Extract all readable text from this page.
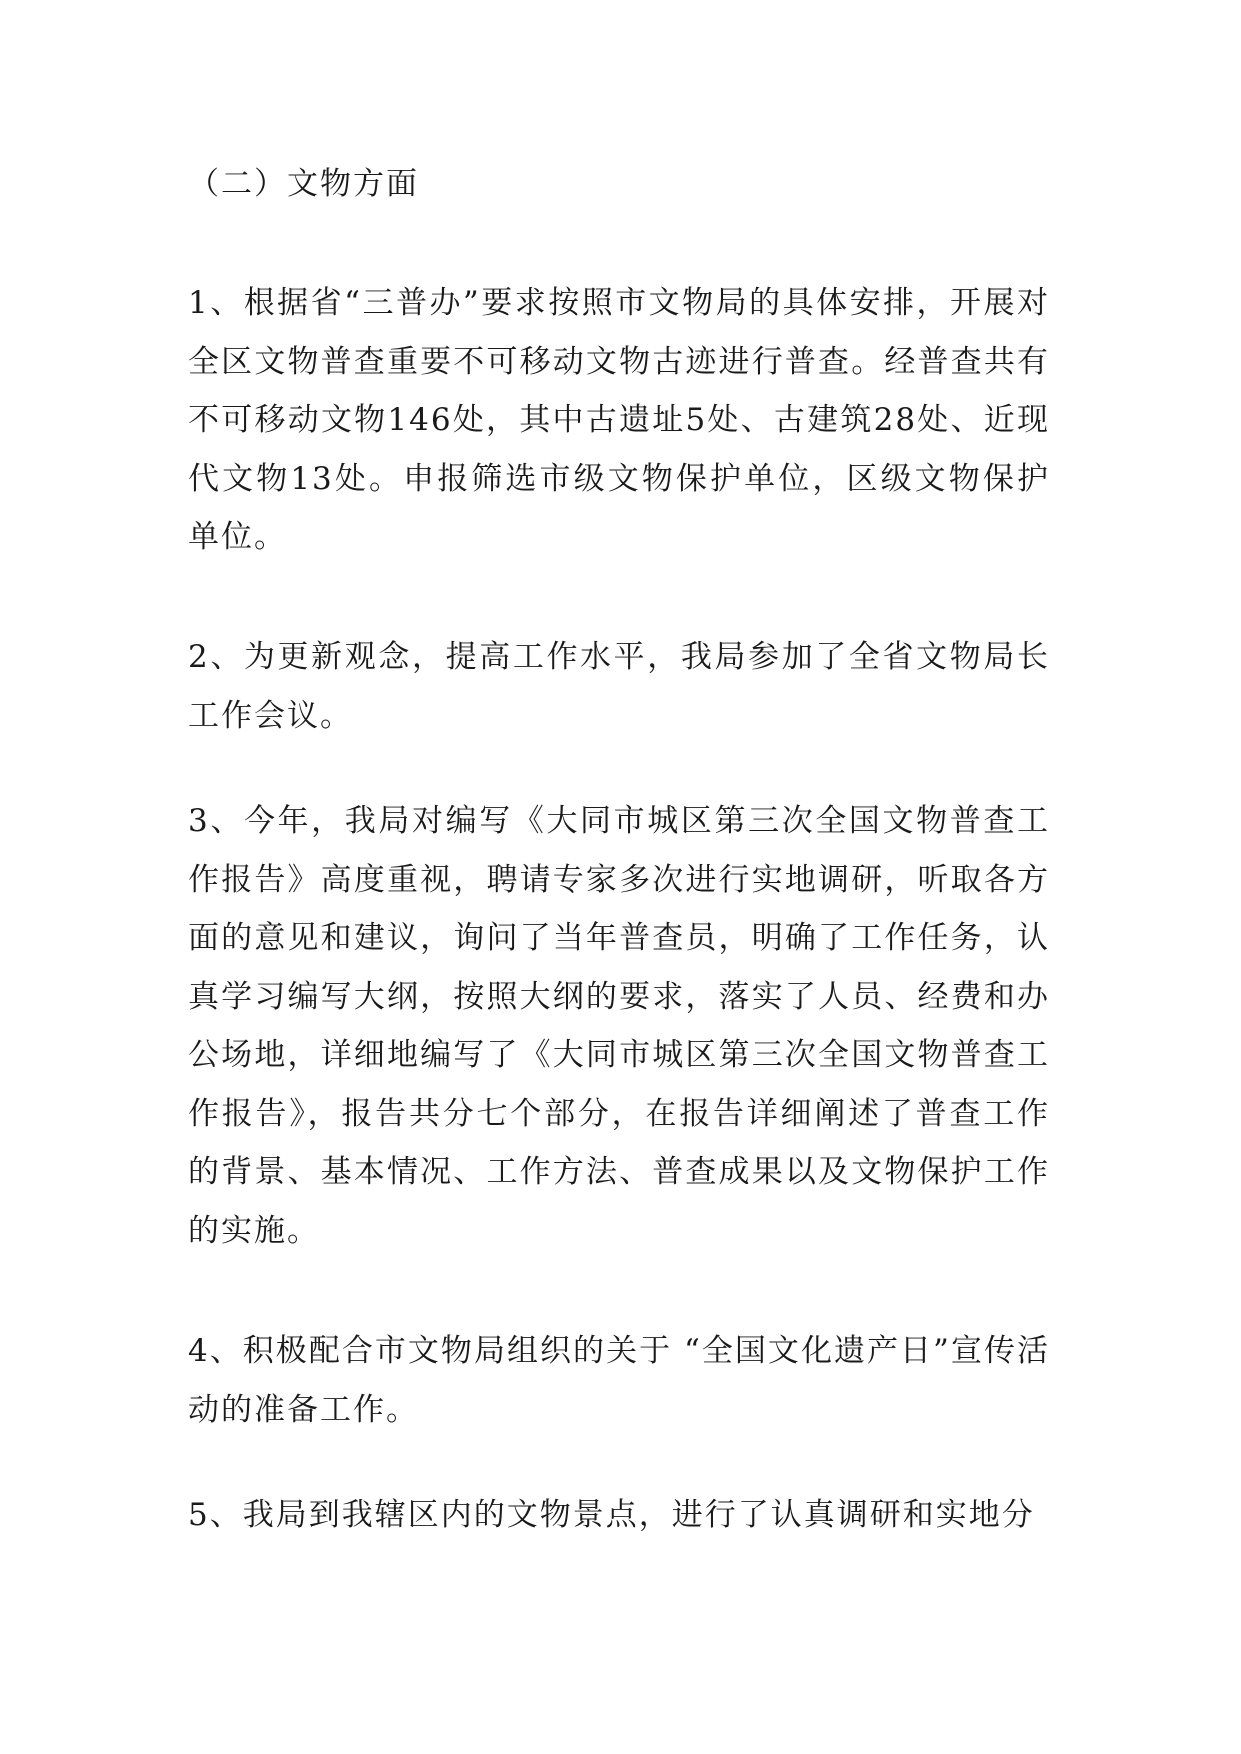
（二）文物方面
1、根据省“三普办”要求按照市文物局的具体安排，开展对全区文物普查重要不可移动文物古迹进行普查。经普查共有不可移动文物146处，其中古遗址5处、古建筑28处、近现代文物13处。申报筛选市级文物保护单位，区级文物保护单位。
2、为更新观念，提高工作水平，我局参加了全省文物局长工作会议。
3、今年，我局对编写《大同市城区第三次全国文物普查工作报告》高度重视，聘请专家多次进行实地调研，听取各方面的意见和建议，询问了当年普查员，明确了工作任务，认真学习编写大纲，按照大纲的要求，落实了人员、经费和办公场地，详细地编写了《大同市城区第三次全国文物普查工作报告》，报告共分七个部分，在报告详细阐述了普查工作的背景、基本情况、工作方法、普查成果以及文物保护工作的实施。
4、积极配合市文物局组织的关于 “全国文化遗产日”宣传活动的准备工作。
5、我局到我辖区内的文物景点，进行了认真调研和实地分
